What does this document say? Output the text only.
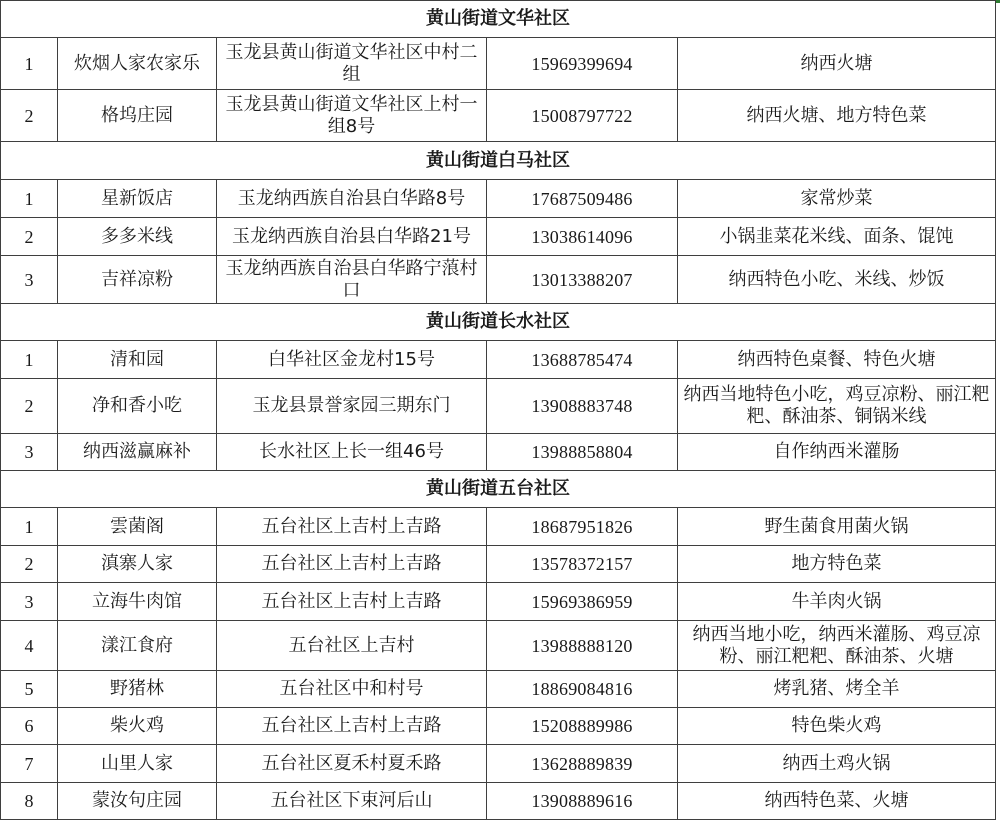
黄山街道文华社区				
1	炊烟人家农家乐	玉龙县黄山街道文华社区中村二组	15969399694	纳西火塘
2	格坞庄园	玉龙县黄山街道文华社区上村一组8号	15008797722	纳西火塘、地方特色菜
黄山街道白马社区				
1	星新饭店	玉龙纳西族自治县白华路8号	17687509486	家常炒菜
2	多多米线	玉龙纳西族自治县白华路21号	13038614096	小锅韭菜花米线、面条、馄饨
3	吉祥凉粉	玉龙纳西族自治县白华路宁蒗村口	13013388207	纳西特色小吃、米线、炒饭
黄山街道长水社区				
1	清和园	白华社区金龙村15号	13688785474	纳西特色桌餐、特色火塘
2	净和香小吃	玉龙县景誉家园三期东门	13908883748	纳西当地特色小吃，鸡豆凉粉、丽江粑粑、酥油茶、铜锅米线
3	纳西滋赢麻补	长水社区上长一组46号	13988858804	自作纳西米灌肠
黄山街道五台社区				
1	雲菌阁	五台社区上吉村上吉路	18687951826	野生菌食用菌火锅
2	滇寨人家	五台社区上吉村上吉路	13578372157	地方特色菜
3	立海牛肉馆	五台社区上吉村上吉路	15969386959	牛羊肉火锅
4	漾江食府	五台社区上吉村	13988888120	纳西当地小吃，纳西米灌肠、鸡豆凉粉、丽江粑粑、酥油茶、火塘
5	野猪林	五台社区中和村号	18869084816	烤乳猪、烤全羊
6	柴火鸡	五台社区上吉村上吉路	15208889986	特色柴火鸡
7	山里人家	五台社区夏禾村夏禾路	13628889839	纳西土鸡火锅
8	蒙汝句庄园	五台社区下束河后山	13908889616	纳西特色菜、火塘
